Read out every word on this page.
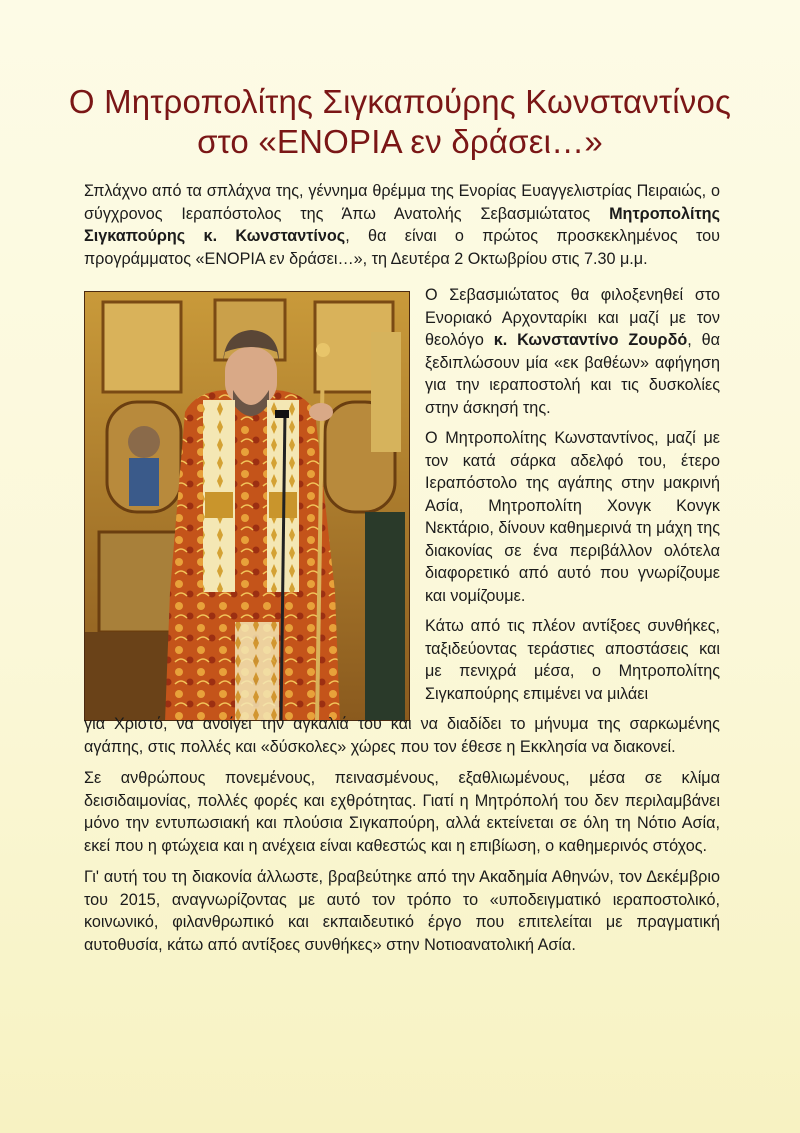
Ο Μητροπολίτης Σιγκαπούρης Κωνσταντίνος
στο «ΕΝΟΡΙΑ εν δράσει…»

Σπλάχνο από τα σπλάχνα της, γέννημα θρέμμα της Ενορίας Ευαγγελιστρίας Πειραιώς, ο σύγχρονος Ιεραπόστολος της Άπω Ανατολής Σεβασμιώτατος Μητροπολίτης Σιγκαπούρης κ. Κωνσταντίνος, θα είναι ο πρώτος προσκεκλημένος του προγράμματος «ΕΝΟΡΙΑ εν δράσει…», τη Δευτέρα 2 Οκτωβρίου στις 7.30 μ.μ.

Ο Σεβασμιώτατος θα φιλοξενηθεί στο Ενοριακό Αρχονταρίκι και μαζί με τον θεολόγο κ. Κωνσταντίνο Ζουρδό, θα ξεδιπλώσουν μία «εκ βαθέων» αφήγηση για την ιεραποστολή και τις δυσκολίες στην άσκησή της.

Ο Μητροπολίτης Κωνσταντίνος, μαζί με τον κατά σάρκα αδελφό του, έτερο Ιεραπόστολο της αγάπης στην μακρινή Ασία, Μητροπολίτη Χονγκ Κονγκ Νεκτάριο, δίνουν καθημερινά τη μάχη της διακονίας σε ένα περιβάλλον ολότελα διαφορετικό από αυτό που γνωρίζουμε και νομίζουμε.

Κάτω από τις πλέον αντίξοες συνθήκες, ταξιδεύοντας τεράστιες αποστάσεις και με πενιχρά μέσα, ο Μητροπολίτης Σιγκαπούρης επιμένει να μιλάει

για Χριστό, να ανοίγει την αγκαλιά του και να διαδίδει το μήνυμα της σαρκωμένης αγάπης, στις πολλές και «δύσκολες» χώρες που τον έθεσε η Εκκλησία να διακονεί.

Σε ανθρώπους πονεμένους, πεινασμένους, εξαθλιωμένους, μέσα σε κλίμα δεισιδαιμονίας, πολλές φορές και εχθρότητας. Γιατί η Μητρόπολή του δεν περιλαμβάνει μόνο την εντυπωσιακή και πλούσια Σιγκαπούρη, αλλά εκτείνεται σε όλη τη Νότιο Ασία, εκεί που η φτώχεια και η ανέχεια είναι καθεστώς και η επιβίωση, ο καθημερινός στόχος.

Γι' αυτή του τη διακονία άλλωστε, βραβεύτηκε από την Ακαδημία Αθηνών, τον Δεκέμβριο του 2015, αναγνωρίζοντας με αυτό τον τρόπο το «υποδειγματικό ιεραποστολικό, κοινωνικό, φιλανθρωπικό και εκπαιδευτικό έργο που επιτελείται με πραγματική αυτοθυσία, κάτω από αντίξοες συνθήκες» στην Νοτιοανατολική Ασία.
